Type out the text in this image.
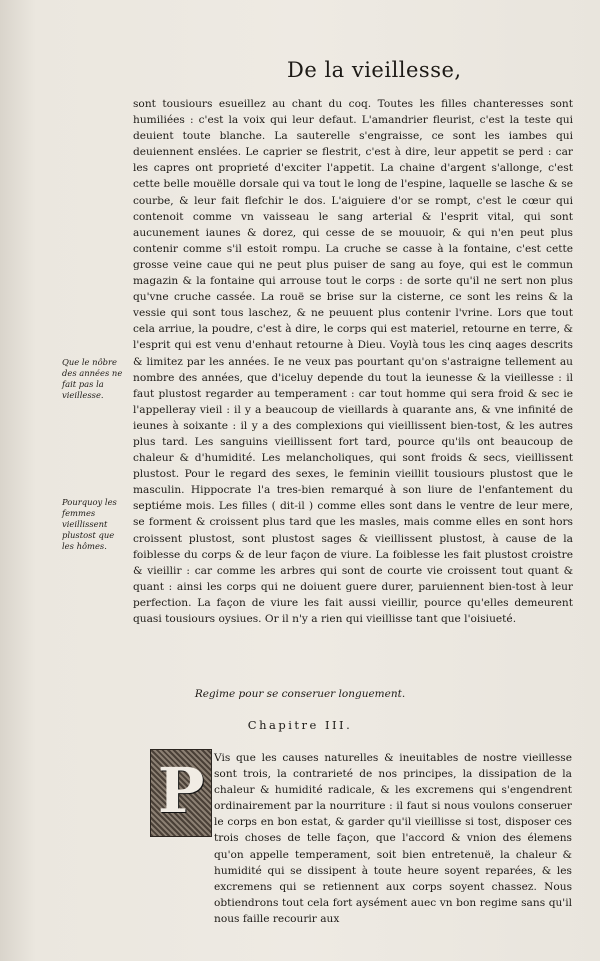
De la vieillesse,

sont tousiours esueillez au chant du coq. Toutes les filles chanteresses sont humiliées : c'est la voix qui leur defaut. L'amandrier fleurist, c'est la teste qui deuient toute blanche. La sauterelle s'engraisse, ce sont les iambes qui deuiennent enslées. Le caprier se flestrit, c'est à dire, leur appetit se perd : car les capres ont proprieté d'exciter l'appetit. La chaine d'argent s'allonge, c'est cette belle mouëlle dorsale qui va tout le long de l'espine, laquelle se lasche & se courbe, & leur fait flefchir le dos. L'aiguiere d'or se rompt, c'est le cœur qui contenoit comme vn vaisseau le sang arterial & l'esprit vital, qui sont aucunement iaunes & dorez, qui cesse de se mouuoir, & qui n'en peut plus contenir comme s'il estoit rompu. La cruche se casse à la fontaine, c'est cette grosse veine caue qui ne peut plus puiser de sang au foye, qui est le commun magazin & la fontaine qui arrouse tout le corps : de sorte qu'il ne sert non plus qu'vne cruche cassée. La rouë se brise sur la cisterne, ce sont les reins & la vessie qui sont tous laschez, & ne peuuent plus contenir l'vrine. Lors que tout cela arriue, la poudre, c'est à dire, le corps qui est materiel, retourne en terre, & l'esprit qui est venu d'enhaut retourne à Dieu. Voylà tous les cinq aages descrits & limitez par les années. Ie ne veux pas pourtant qu'on s'astraigne tellement au nombre des années, que d'iceluy depende du tout la ieunesse & la vieillesse : il faut plustost regarder au temperament : car tout homme qui sera froid & sec ie l'appelleray vieil : il y a beaucoup de vieillards à quarante ans, & vne infinité de ieunes à soixante : il y a des complexions qui vieillissent bien-tost, & les autres plus tard. Les sanguins vieillissent fort tard, pource qu'ils ont beaucoup de chaleur & d'humidité. Les melancholiques, qui sont froids & secs, vieillissent plustost. Pour le regard des sexes, le feminin vieillit tousiours plustost que le masculin. Hippocrate l'a tres-bien remarqué à son liure de l'enfantement du septiéme mois. Les filles ( dit-il ) comme elles sont dans le ventre de leur mere, se forment & croissent plus tard que les masles, mais comme elles en sont hors croissent plustost, sont plustost sages & vieillissent plustost, à cause de la foiblesse du corps & de leur façon de viure. La foiblesse les fait plustost croistre & vieillir : car comme les arbres qui sont de courte vie croissent tout quant & quant : ainsi les corps qui ne doiuent guere durer, paruiennent bien-tost à leur perfection. La façon de viure les fait aussi vieillir, pource qu'elles demeurent quasi tousiours oysiues. Or il n'y a rien qui vieillisse tant que l'oisiueté.

Que le nôbre des années ne fait pas la vieillesse.
Pourquoy les femmes vieillissent plustost que les hômes.
Regime pour se conseruer longuement.
Chapitre III.
P Vis que les causes naturelles & ineuitables de nostre vieillesse sont trois, la contrarieté de nos principes, la dissipation de la chaleur & humidité radicale, & les excremens qui s'engendrent ordinairement par la nourriture : il faut si nous voulons conseruer le corps en bon estat, & garder qu'il vieillisse si tost, disposer ces trois choses de telle façon, que l'accord & vnion des élemens qu'on appelle temperament, soit bien entretenuë, la chaleur & humidité qui se dissipent à toute heure soyent reparées, & les excremens qui se retiennent aux corps soyent chassez. Nous obtiendrons tout cela fort aysément auec vn bon regime sans qu'il nous faille recourir aux
